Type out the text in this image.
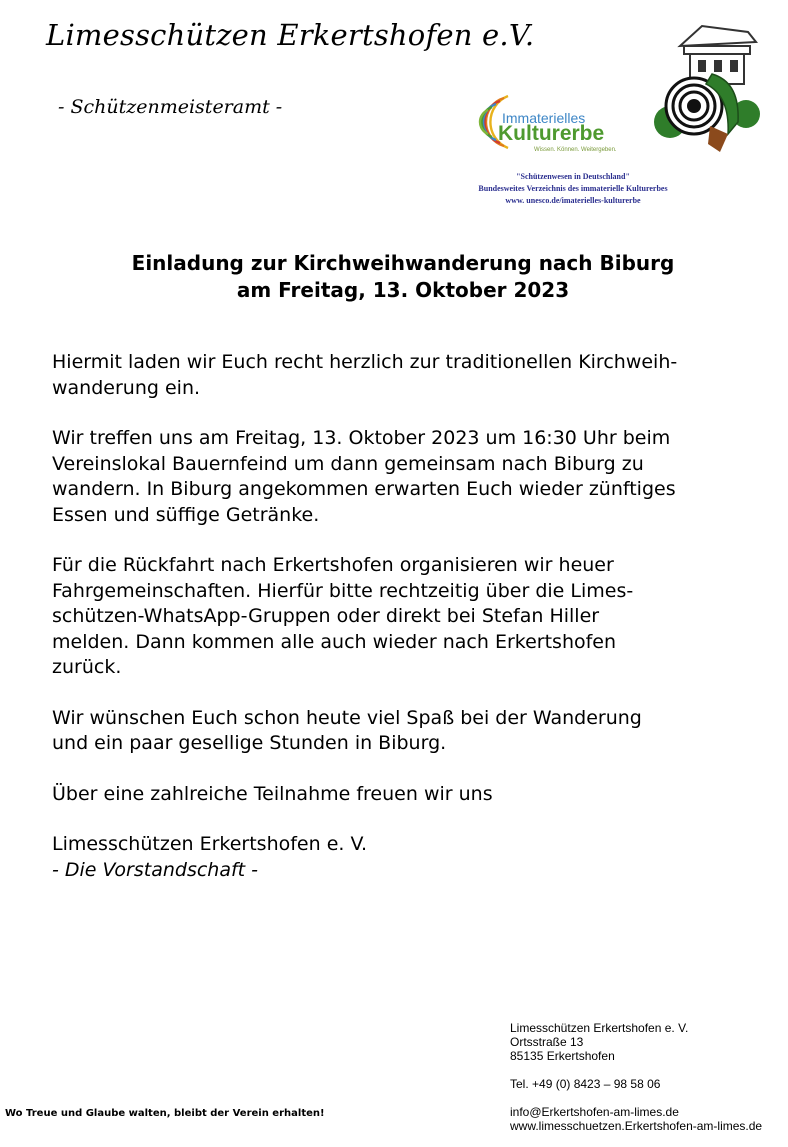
Limesschützen Erkertshofen e.V.
- Schützenmeisteramt -	Immaterielles
Kulturerbe
Wissen. Können. Weitergeben.
"Schützenwesen in Deutschland"
Bundesweites Verzeichnis des immaterielle Kulturerbes
www. unesco.de/imaterielles-kulturerbe
Einladung zur Kirchweihwanderung nach Biburg
am Freitag, 13. Oktober 2023
Hiermit laden wir Euch recht herzlich zur traditionellen Kirchweih-
wanderung ein.
Wir treffen uns am Freitag, 13. Oktober 2023 um 16:30 Uhr beim
Vereinslokal Bauernfeind um dann gemeinsam nach Biburg zu
wandern. In Biburg angekommen erwarten Euch wieder zünftiges
Essen und süffige Getränke.
Für die Rückfahrt nach Erkertshofen organisieren wir heuer
Fahrgemeinschaften. Hierfür bitte rechtzeitig über die Limes-
schützen-WhatsApp-Gruppen oder direkt bei Stefan Hiller
melden. Dann kommen alle auch wieder nach Erkertshofen
zurück.
Wir wünschen Euch schon heute viel Spaß bei der Wanderung
und ein paar gesellige Stunden in Biburg.
Über eine zahlreiche Teilnahme freuen wir uns
Limesschützen Erkertshofen e. V.
- Die Vorstandschaft -
Limesschützen Erkertshofen e. V.
Ortsstraße 13
85135 Erkertshofen
Tel. +49 (0) 8423 – 98 58 06
info@Erkertshofen-am-limes.de
www.limesschuetzen.Erkertshofen-am-limes.de
Wo Treue und Glaube walten, bleibt der Verein erhalten!
